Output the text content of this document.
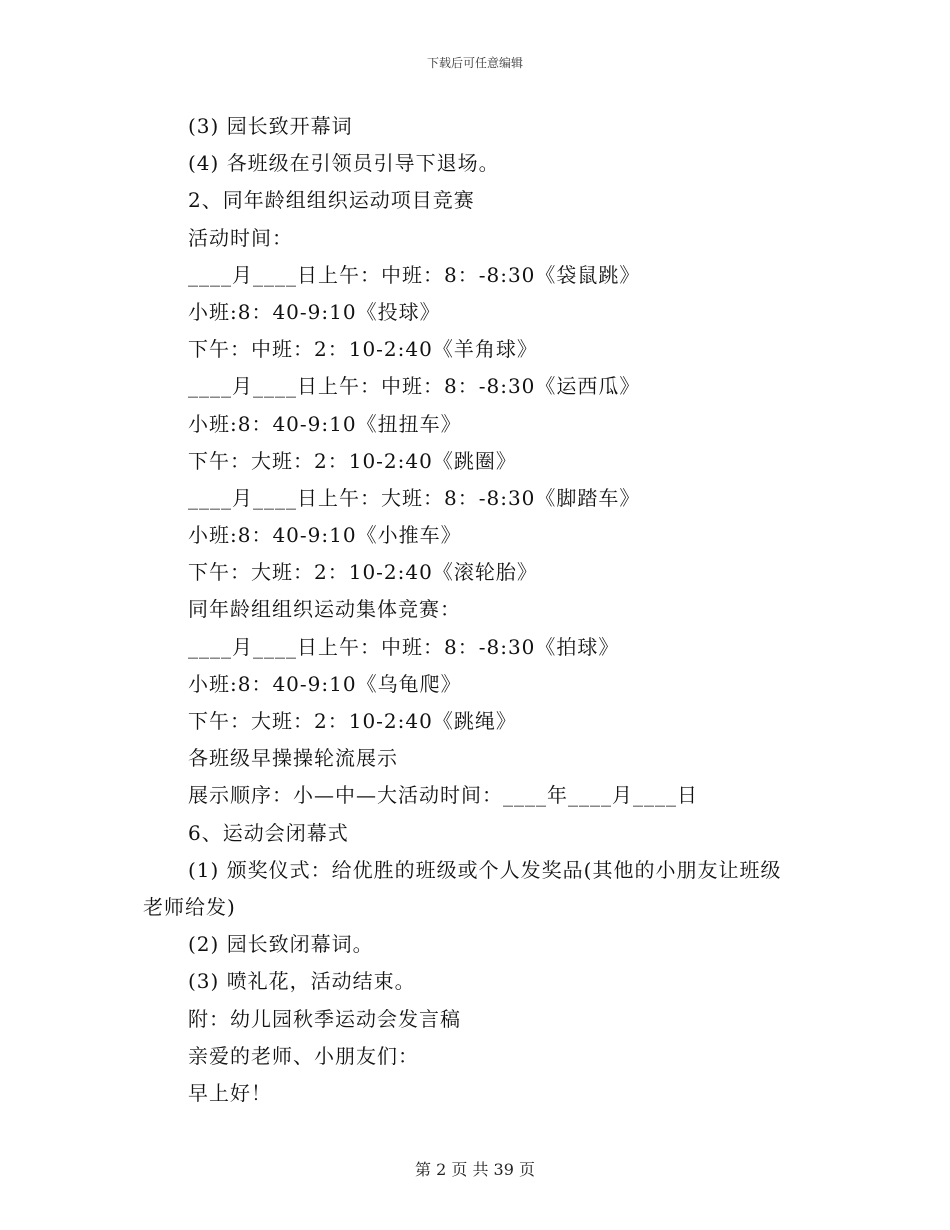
下载后可任意编辑
(3) 园长致开幕词
(4) 各班级在引领员引导下退场。
2、同年龄组组织运动项目竞赛
活动时间：
____月____日上午：中班：8：-8:30《袋鼠跳》
小班:8：40-9:10《投球》
下午：中班：2：10-2:40《羊角球》
____月____日上午：中班：8：-8:30《运西瓜》
小班:8：40-9:10《扭扭车》
下午：大班：2：10-2:40《跳圈》
____月____日上午：大班：8：-8:30《脚踏车》
小班:8：40-9:10《小推车》
下午：大班：2：10-2:40《滚轮胎》
同年龄组组织运动集体竞赛：
____月____日上午：中班：8：-8:30《拍球》
小班:8：40-9:10《乌龟爬》
下午：大班：2：10-2:40《跳绳》
各班级早操操轮流展示
展示顺序：小—中—大活动时间：____年____月____日
6、运动会闭幕式
(1) 颁奖仪式：给优胜的班级或个人发奖品(其他的小朋友让班级
老师给发)
(2) 园长致闭幕词。
(3) 喷礼花，活动结束。
附：幼儿园秋季运动会发言稿
亲爱的老师、小朋友们：
早上好！
第 2 页 共 39 页
